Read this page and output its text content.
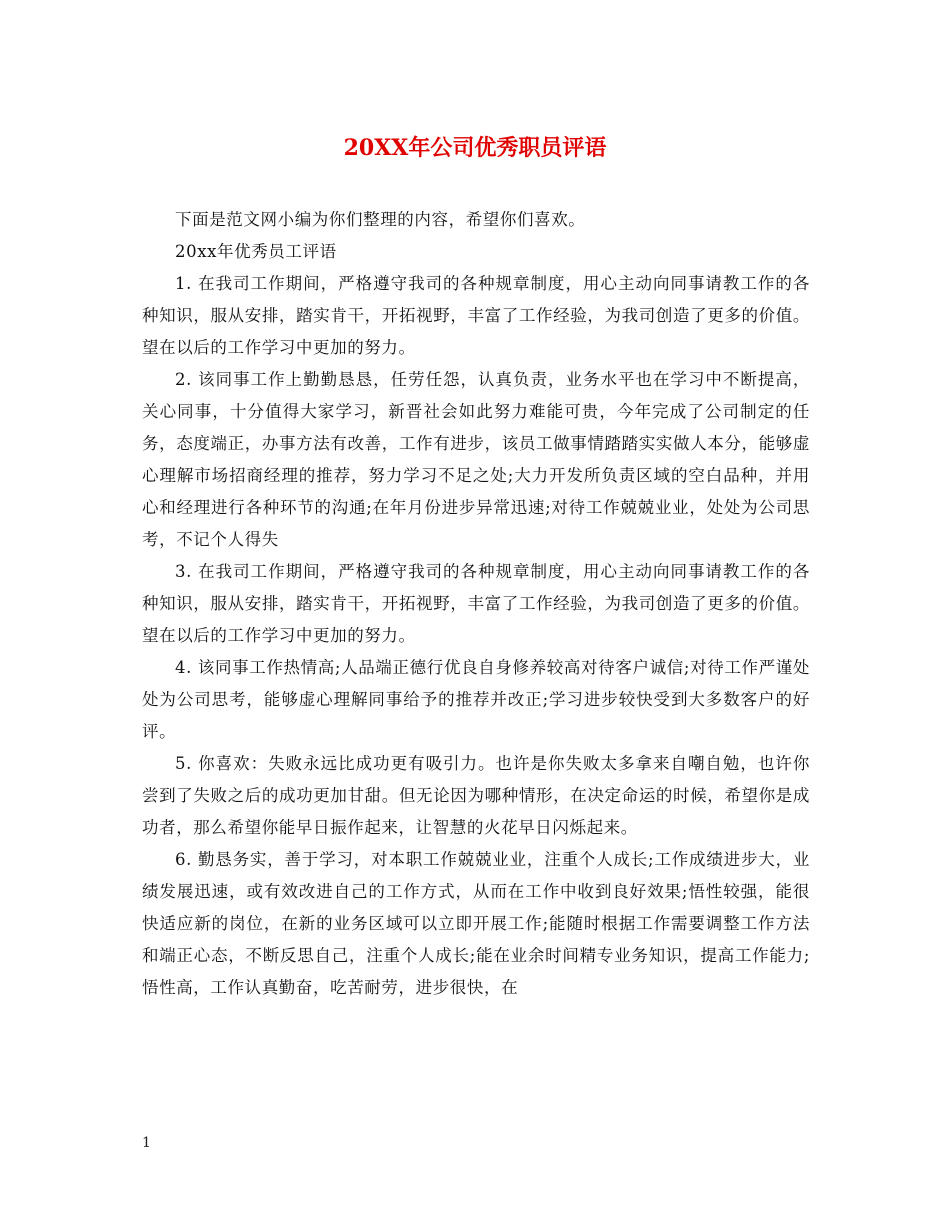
20XX年公司优秀职员评语

下面是范文网小编为你们整理的内容，希望你们喜欢。

20xx年优秀员工评语

1. 在我司工作期间，严格遵守我司的各种规章制度，用心主动向同事请教工作的各种知识，服从安排，踏实肯干，开拓视野，丰富了工作经验，为我司创造了更多的价值。望在以后的工作学习中更加的努力。

2. 该同事工作上勤勤恳恳，任劳任怨，认真负责，业务水平也在学习中不断提高，关心同事，十分值得大家学习，新晋社会如此努力难能可贵，今年完成了公司制定的任务，态度端正，办事方法有改善，工作有进步，该员工做事情踏踏实实做人本分，能够虚心理解市场招商经理的推荐，努力学习不足之处;大力开发所负责区域的空白品种，并用心和经理进行各种环节的沟通;在年月份进步异常迅速;对待工作兢兢业业，处处为公司思考，不记个人得失

3. 在我司工作期间，严格遵守我司的各种规章制度，用心主动向同事请教工作的各种知识，服从安排，踏实肯干，开拓视野，丰富了工作经验，为我司创造了更多的价值。望在以后的工作学习中更加的努力。

4. 该同事工作热情高;人品端正德行优良自身修养较高对待客户诚信;对待工作严谨处处为公司思考，能够虚心理解同事给予的推荐并改正;学习进步较快受到大多数客户的好评。

5. 你喜欢：失败永远比成功更有吸引力。也许是你失败太多拿来自嘲自勉，也许你尝到了失败之后的成功更加甘甜。但无论因为哪种情形，在决定命运的时候，希望你是成功者，那么希望你能早日振作起来，让智慧的火花早日闪烁起来。

6. 勤恳务实，善于学习，对本职工作兢兢业业，注重个人成长;工作成绩进步大，业绩发展迅速，或有效改进自己的工作方式，从而在工作中收到良好效果;悟性较强，能很快适应新的岗位，在新的业务区域可以立即开展工作;能随时根据工作需要调整工作方法和端正心态，不断反思自己，注重个人成长;能在业余时间精专业务知识，提高工作能力;悟性高，工作认真勤奋，吃苦耐劳，进步很快，在

1
